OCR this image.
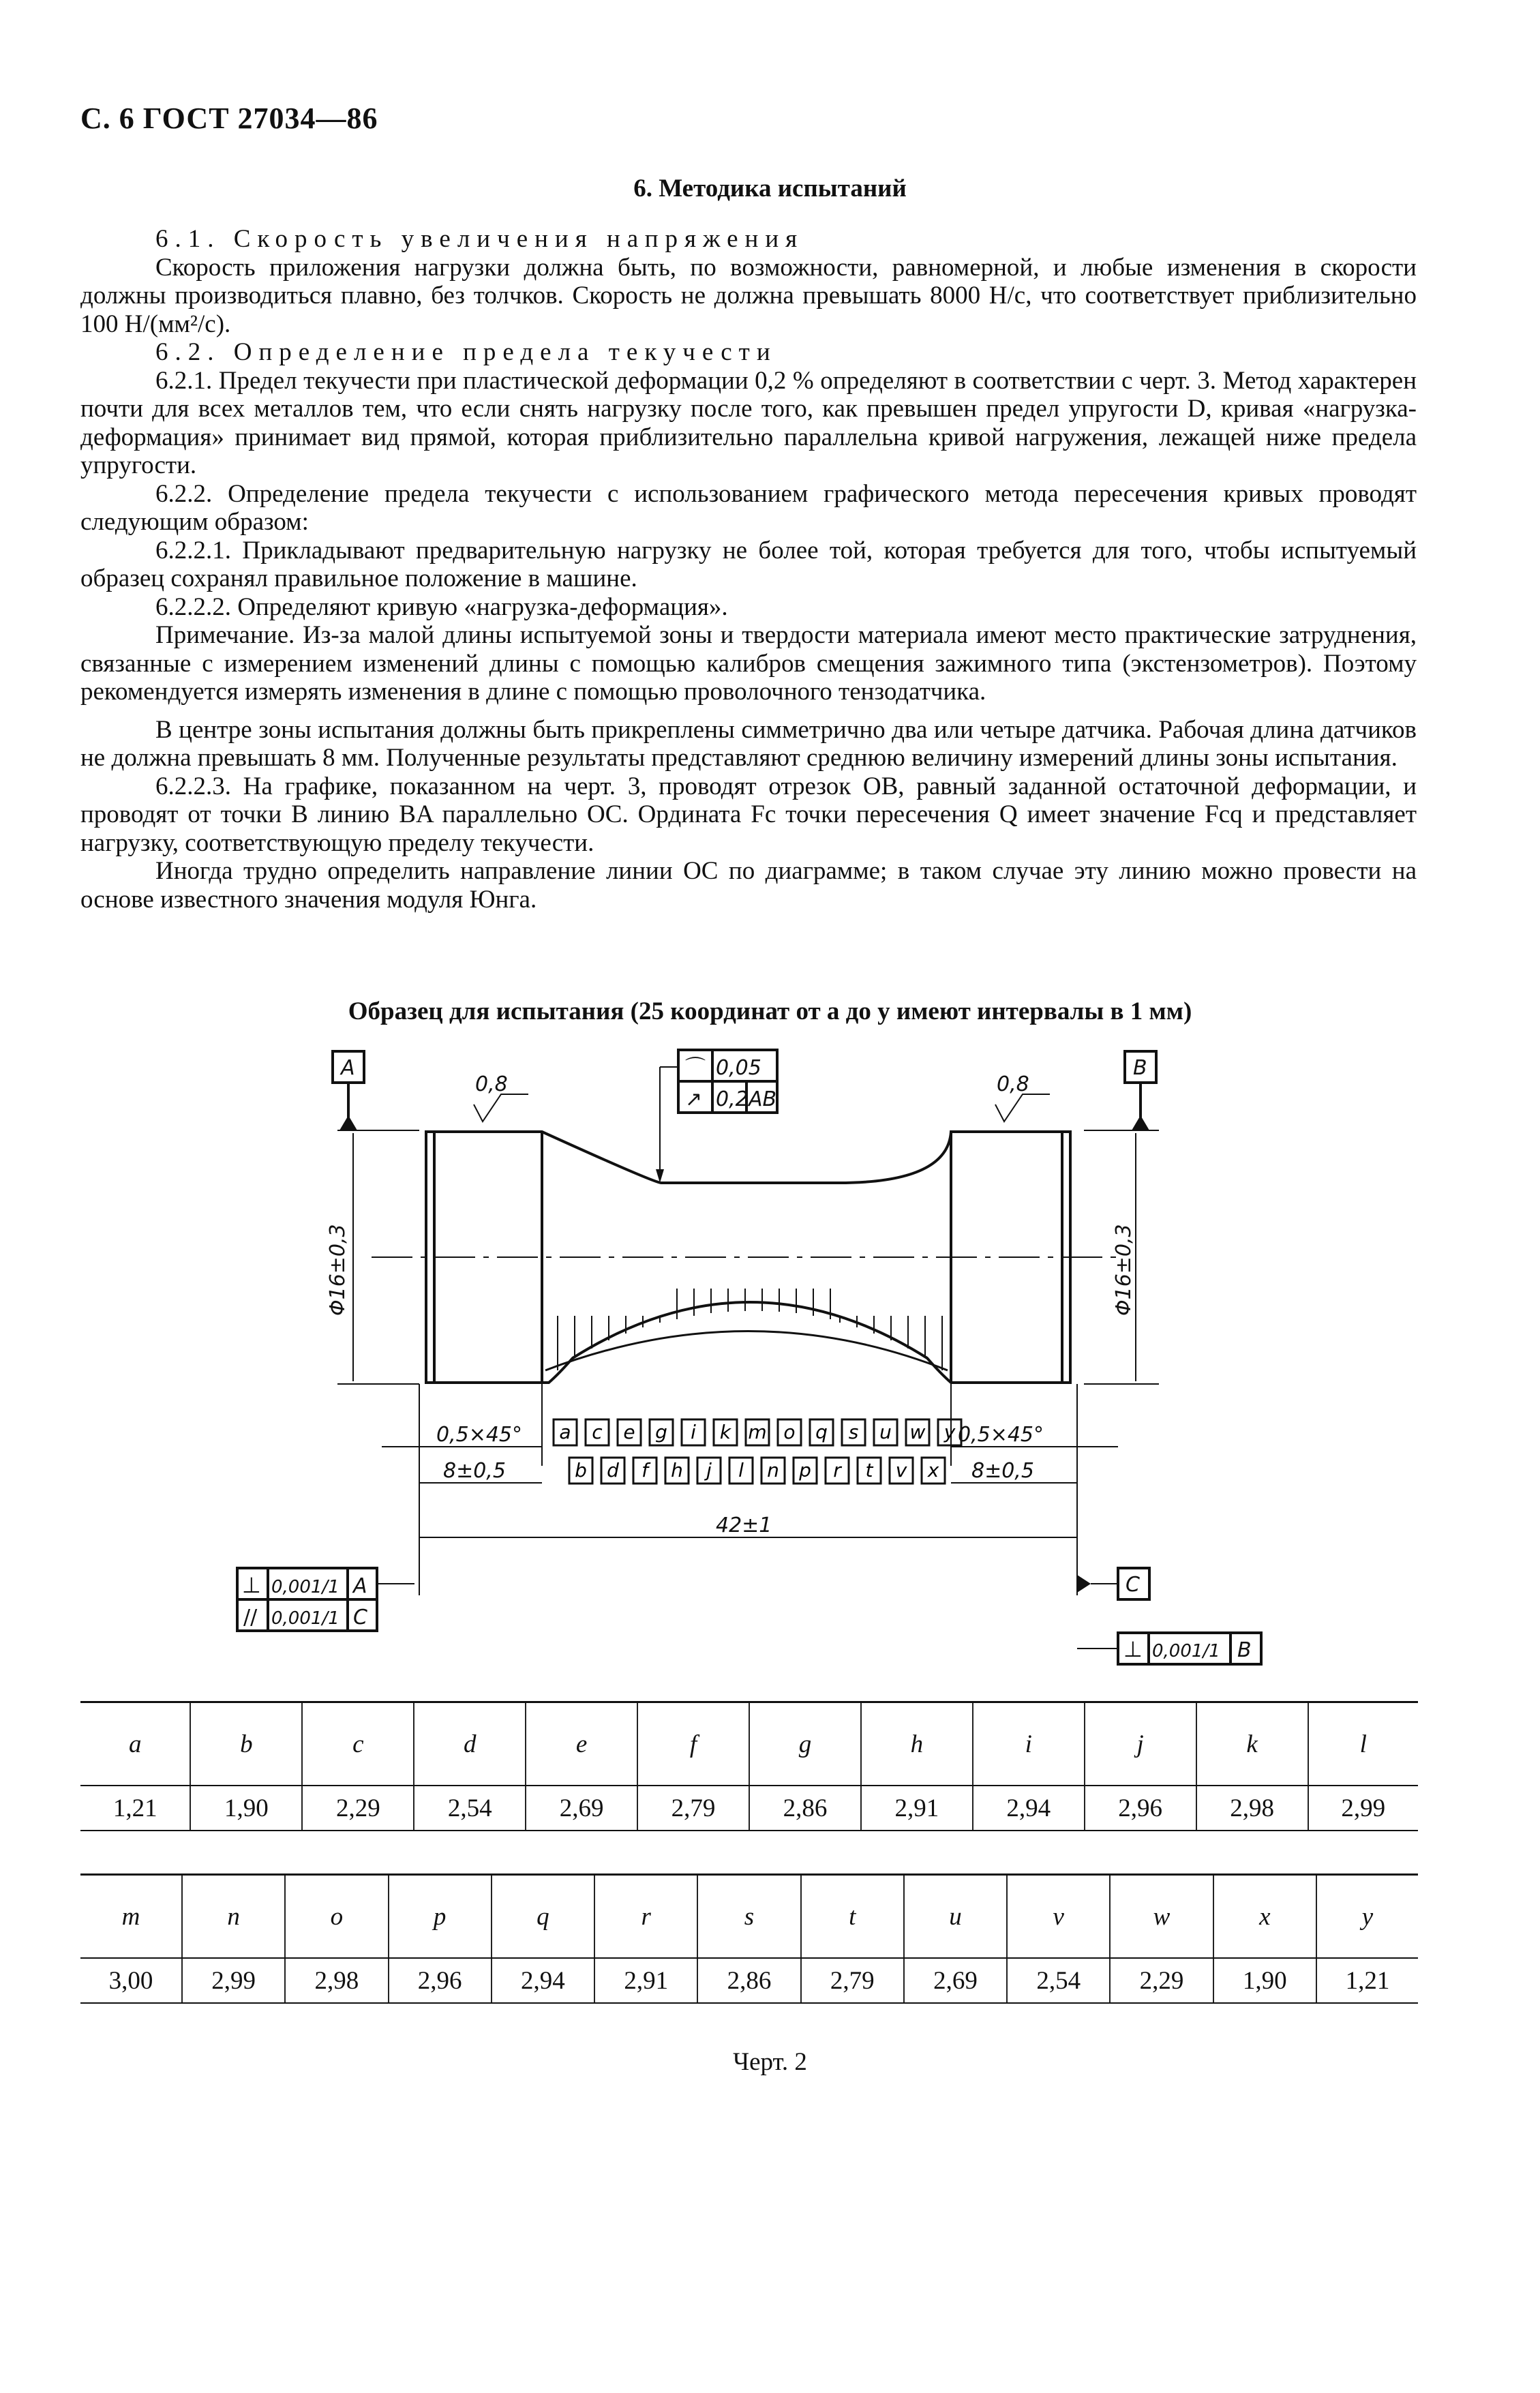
С. 6 ГОСТ 27034—86
6. Методика испытаний

6.1. Скорость увеличения напряжения

Скорость приложения нагрузки должна быть, по возможности, равномерной, и любые изменения в скорости должны производиться плавно, без толчков. Скорость не должна превышать 8000 Н/с, что соответствует приблизительно 100 Н/(мм²/с).

6.2. Определение предела текучести

6.2.1. Предел текучести при пластической деформации 0,2 % определяют в соответствии с черт. 3. Метод характерен почти для всех металлов тем, что если снять нагрузку после того, как превышен предел упругости D, кривая «нагрузка-деформация» принимает вид прямой, которая приблизительно параллельна кривой нагружения, лежащей ниже предела упругости.

6.2.2. Определение предела текучести с использованием графического метода пересечения кривых проводят следующим образом:

6.2.2.1. Прикладывают предварительную нагрузку не более той, которая требуется для того, чтобы испытуемый образец сохранял правильное положение в машине.

6.2.2.2. Определяют кривую «нагрузка-деформация».

Примечание. Из-за малой длины испытуемой зоны и твердости материала имеют место практические затруднения, связанные с измерением изменений длины с помощью калибров смещения зажимного типа (экстензометров). Поэтому рекомендуется измерять изменения в длине с помощью проволочного тензодатчика.

В центре зоны испытания должны быть прикреплены симметрично два или четыре датчика. Рабочая длина датчиков не должна превышать 8 мм. Полученные результаты представляют среднюю величину измерений длины зоны испытания.

6.2.2.3. На графике, показанном на черт. 3, проводят отрезок OB, равный заданной остаточной деформации, и проводят от точки B линию BA параллельно OC. Ордината Fc точки пересечения Q имеет значение Fcq и представляет нагрузку, соответствующую пределу текучести.

Иногда трудно определить направление линии OC по диаграмме; в таком случае эту линию можно провести на основе известного значения модуля Юнга.

Образец для испытания (25 координат от a до y имеют интервалы в 1 мм)
A	B
C
0,8	0,8
Φ16±0,3	Φ16±0,3
0,05
0,2 AB
0,5×45°	0,5×45°
8±0,5	8±0,5
42±1
0,001/1
0,001/1
A
C
0,001/1 B
⊥
//
⊥
⌒
↗
a c e g i k m o q s u w y
b d f h j l n p r t v x
a	b	c	d	e	f	g	h	i	j	k	l
1,21	1,90	2,29	2,54	2,69	2,79	2,86	2,91	2,94	2,96	2,98	2,99
m	n	o	p	q	r	s	t	u	v	w	x	y
3,00	2,99	2,98	2,96	2,94	2,91	2,86	2,79	2,69	2,54	2,29	1,90	1,21
Черт. 2
